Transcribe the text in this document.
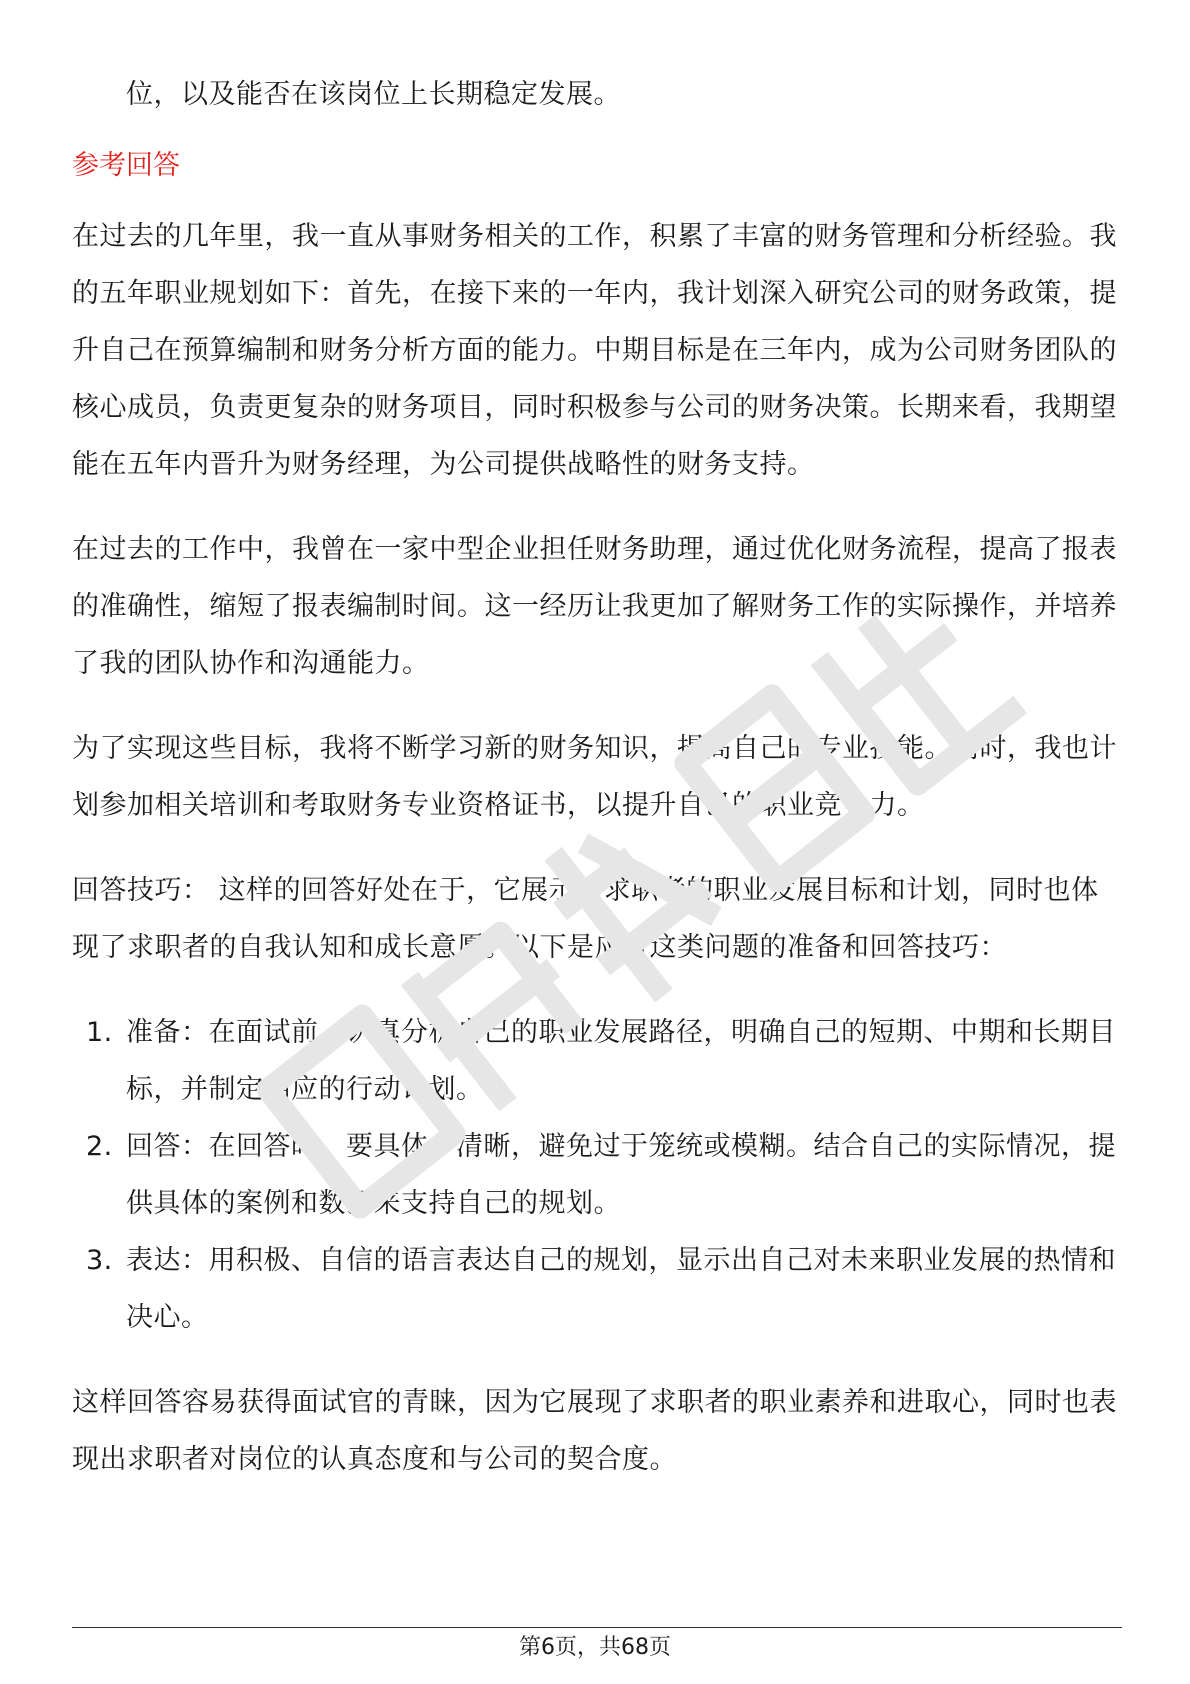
位，以及能否在该岗位上长期稳定发展。

参考回答

在过去的几年里，我一直从事财务相关的工作，积累了丰富的财务管理和分析经验。我的五年职业规划如下：首先，在接下来的一年内，我计划深入研究公司的财务政策，提升自己在预算编制和财务分析方面的能力。中期目标是在三年内，成为公司财务团队的核心成员，负责更复杂的财务项目，同时积极参与公司的财务决策。长期来看，我期望能在五年内晋升为财务经理，为公司提供战略性的财务支持。

在过去的工作中，我曾在一家中型企业担任财务助理，通过优化财务流程，提高了报表的准确性，缩短了报表编制时间。这一经历让我更加了解财务工作的实际操作，并培养了我的团队协作和沟通能力。

为了实现这些目标，我将不断学习新的财务知识，提高自己的专业技能。同时，我也计划参加相关培训和考取财务专业资格证书，以提升自己的职业竞争力。

回答技巧： 这样的回答好处在于，它展示了求职者的职业发展目标和计划，同时也体现了求职者的自我认知和成长意愿。以下是应对这类问题的准备和回答技巧：

1. 准备：在面试前，认真分析自己的职业发展路径，明确自己的短期、中期和长期目标，并制定相应的行动计划。
2. 回答：在回答时，要具体、清晰，避免过于笼统或模糊。结合自己的实际情况，提供具体的案例和数据来支持自己的规划。
3. 表达：用积极、自信的语言表达自己的规划，显示出自己对未来职业发展的热情和决心。

这样回答容易获得面试官的青睐，因为它展现了求职者的职业素养和进取心，同时也表现出求职者对岗位的认真态度和与公司的契合度。

第6页，共68页
